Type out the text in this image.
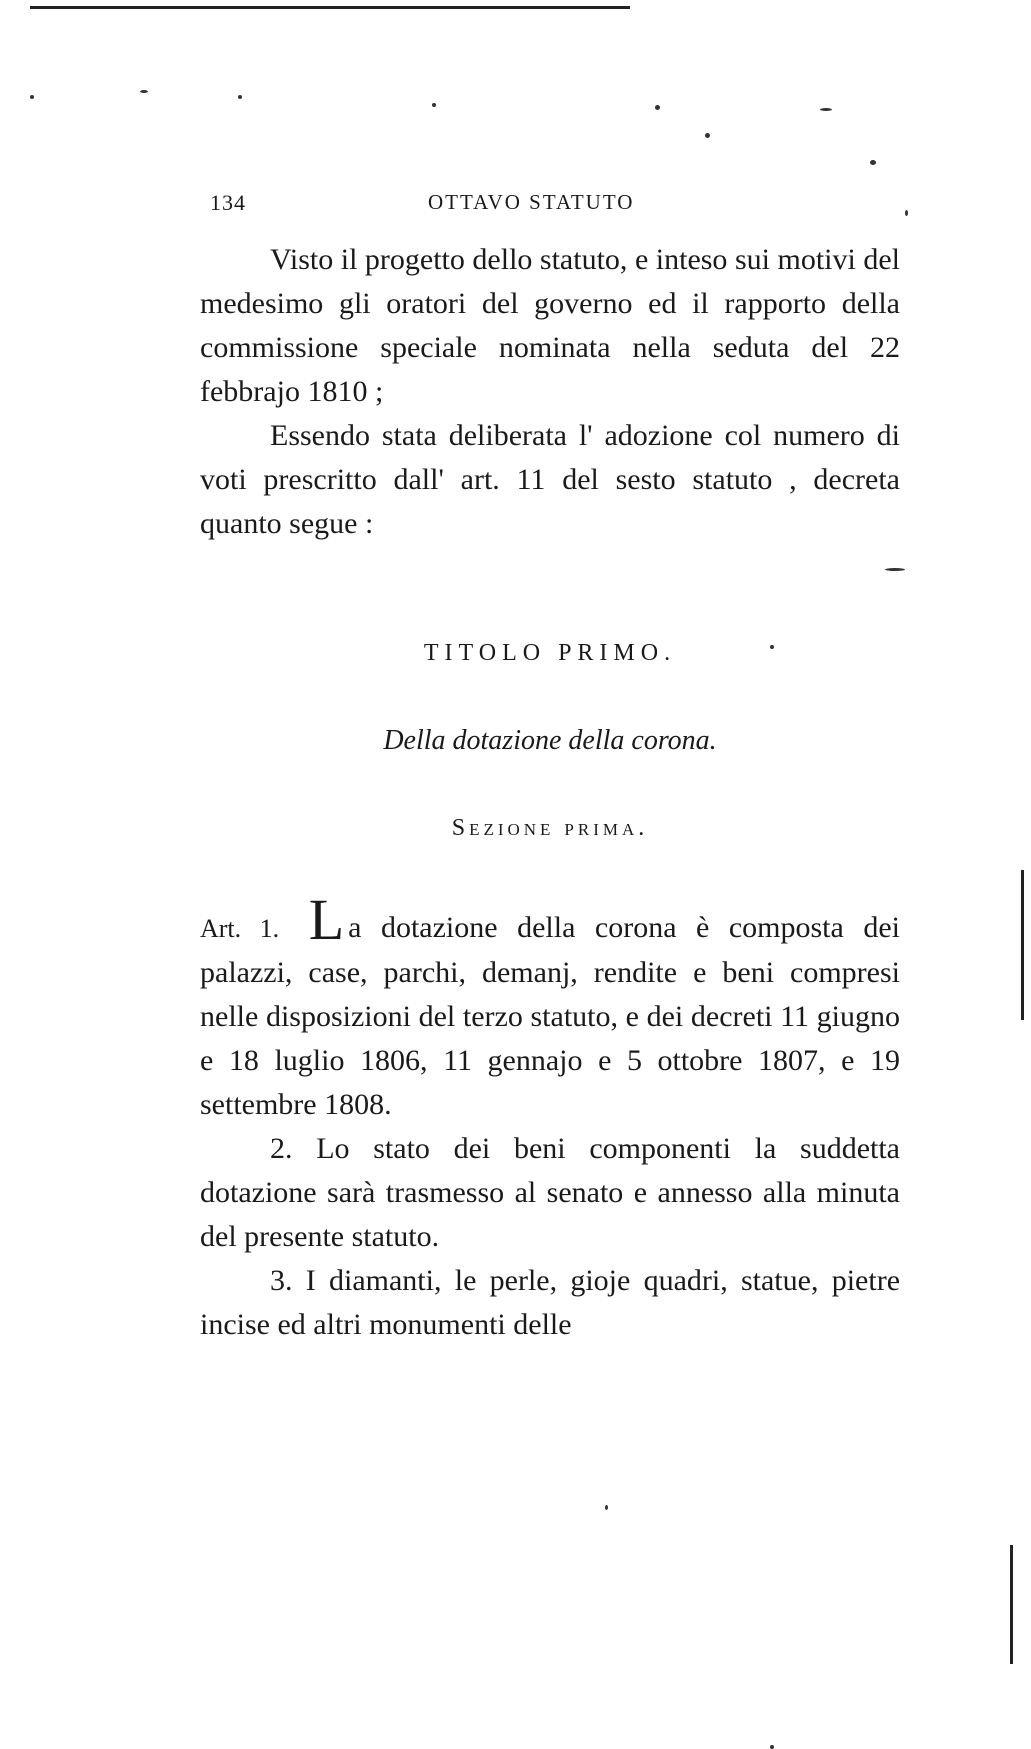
134	OTTAVO STATUTO

Visto il progetto dello statuto, e inteso sui motivi del medesimo gli oratori del governo ed il rapporto della commissione speciale nominata nella seduta del 22 febbrajo 1810 ;

Essendo stata deliberata l' adozione col numero di voti prescritto dall' art. 11 del sesto statuto , decreta quanto segue :

TITOLO PRIMO.
Della dotazione della corona.
Sezione prima.

Art. 1. L a dotazione della corona è composta dei palazzi, case, parchi, demanj, rendite e beni compresi nelle disposizioni del terzo statuto, e dei decreti 11 giugno e 18 luglio 1806, 11 gennajo e 5 ottobre 1807, e 19 settembre 1808.

2. Lo stato dei beni componenti la suddetta dotazione sarà trasmesso al senato e annesso alla minuta del presente statuto.

3. I diamanti, le perle, gioje quadri, statue, pietre incise ed altri monumenti delle
